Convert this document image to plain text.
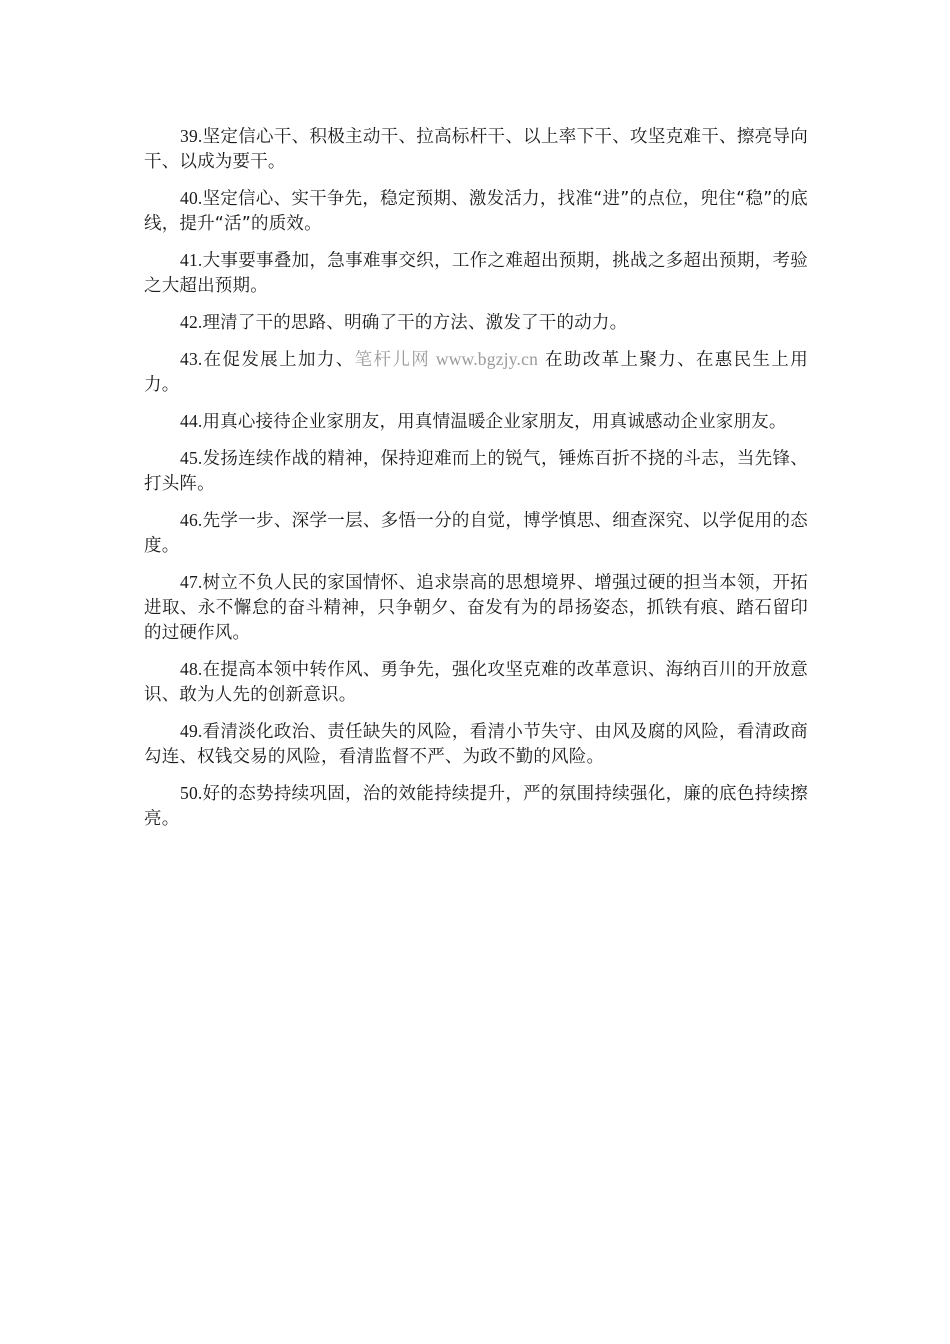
39.坚定信心干、积极主动干、拉高标杆干、以上率下干、攻坚克难干、擦亮导向干、以成为要干。

40.坚定信心、实干争先，稳定预期、激发活力，找准“进”的点位，兜住“稳”的底线，提升“活”的质效。

41.大事要事叠加，急事难事交织，工作之难超出预期，挑战之多超出预期，考验之大超出预期。

42.理清了干的思路、明确了干的方法、激发了干的动力。

43.在促发展上加力、笔杆儿网 www.bgzjy.cn 在助改革上聚力、在惠民生上用力。

44.用真心接待企业家朋友，用真情温暖企业家朋友，用真诚感动企业家朋友。

45.发扬连续作战的精神，保持迎难而上的锐气，锤炼百折不挠的斗志，当先锋、打头阵。

46.先学一步、深学一层、多悟一分的自觉，博学慎思、细查深究、以学促用的态度。

47.树立不负人民的家国情怀、追求崇高的思想境界、增强过硬的担当本领，开拓进取、永不懈怠的奋斗精神，只争朝夕、奋发有为的昂扬姿态，抓铁有痕、踏石留印的过硬作风。

48.在提高本领中转作风、勇争先，强化攻坚克难的改革意识、海纳百川的开放意识、敢为人先的创新意识。

49.看清淡化政治、责任缺失的风险，看清小节失守、由风及腐的风险，看清政商勾连、权钱交易的风险，看清监督不严、为政不勤的风险。

50.好的态势持续巩固，治的效能持续提升，严的氛围持续强化，廉的底色持续擦亮。
